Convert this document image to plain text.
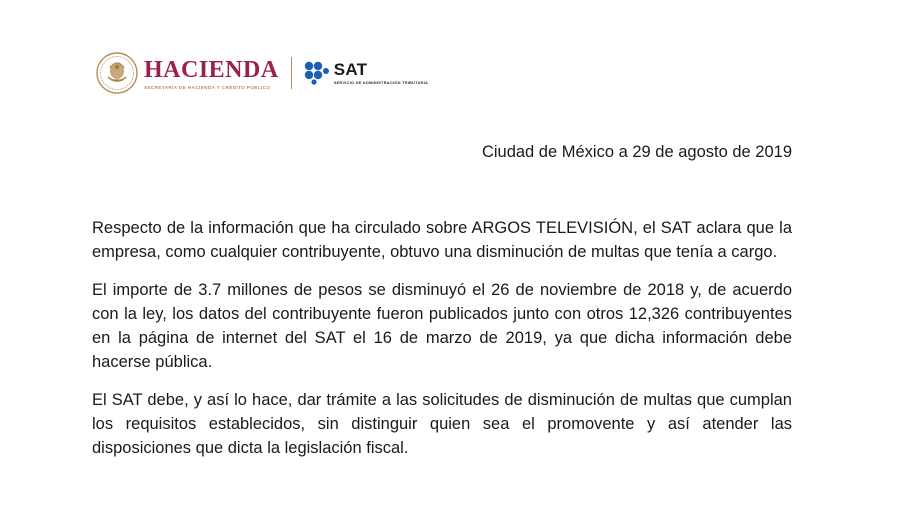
HACIENDA
SECRETARÍA DE HACIENDA Y CRÉDITO PÚBLICO
SAT
SERVICIO DE ADMINISTRACIÓN TRIBUTARIA
Ciudad de México a 29 de agosto de 2019

Respecto de la información que ha circulado sobre ARGOS TELEVISIÓN, el SAT aclara que la empresa, como cualquier contribuyente, obtuvo una disminución de multas que tenía a cargo.

El importe de 3.7 millones de pesos se disminuyó el 26 de noviembre de 2018 y, de acuerdo con la ley, los datos del contribuyente fueron publicados junto con otros 12,326 contribuyentes en la página de internet del SAT el 16 de marzo de 2019, ya que dicha información debe hacerse pública.

El SAT debe, y así lo hace, dar trámite a las solicitudes de disminución de multas que cumplan los requisitos establecidos, sin distinguir quien sea el promovente y así atender las disposiciones que dicta la legislación fiscal.
